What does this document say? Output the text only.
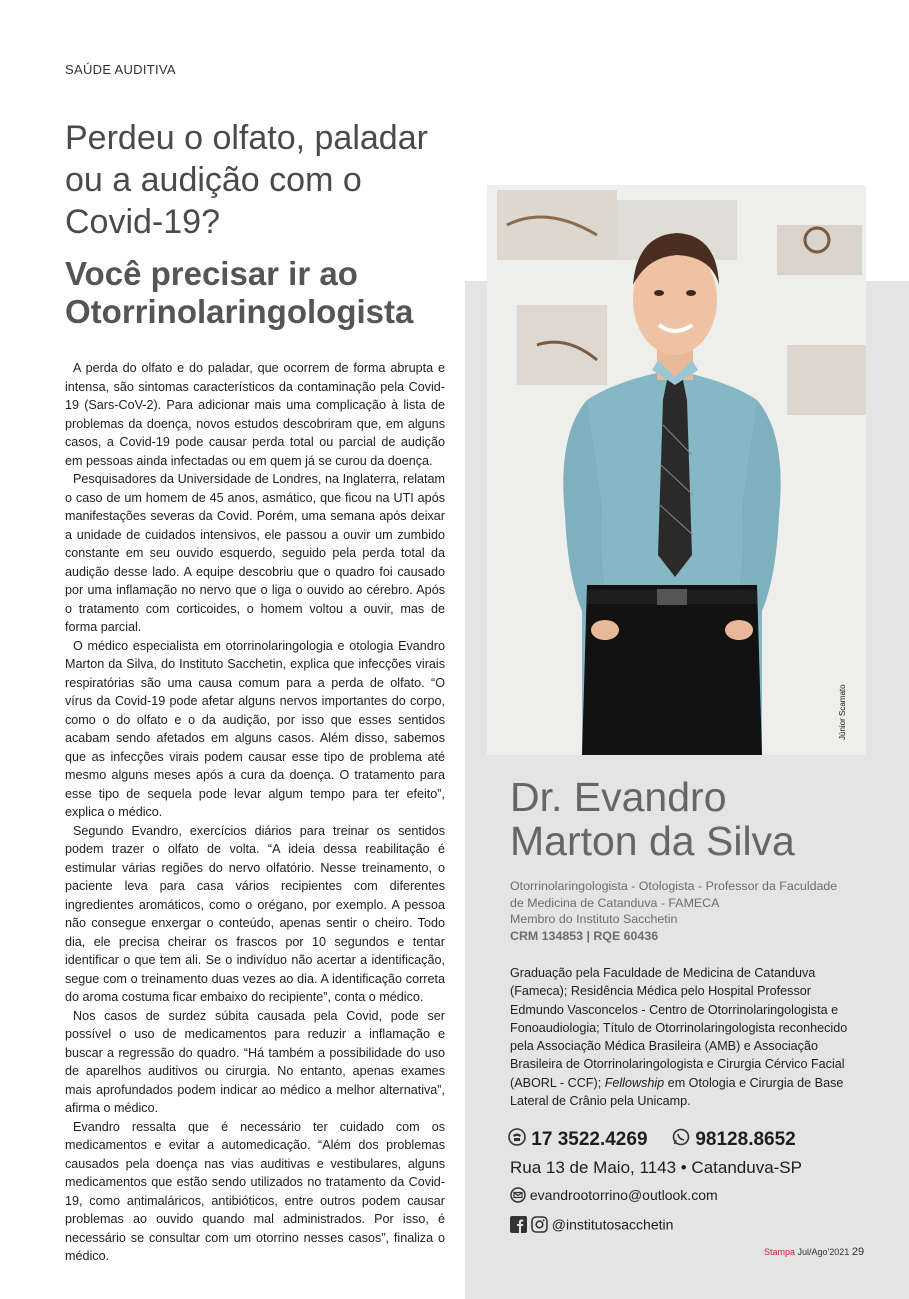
SAÚDE AUDITIVA
Perdeu o olfato, paladar ou a audição com o Covid-19?
Você precisar ir ao Otorrinolaringologista

A perda do olfato e do paladar, que ocorrem de forma abrupta e intensa, são sintomas característicos da contaminação pela Covid-19 (Sars-CoV-2). Para adicionar mais uma complicação à lista de problemas da doença, novos estudos descobriram que, em alguns casos, a Covid-19 pode causar perda total ou parcial de audição em pessoas ainda infectadas ou em quem já se curou da doença.

Pesquisadores da Universidade de Londres, na Inglaterra, relatam o caso de um homem de 45 anos, asmático, que ficou na UTI após manifestações severas da Covid. Porém, uma semana após deixar a unidade de cuidados intensivos, ele passou a ouvir um zumbido constante em seu ouvido esquerdo, seguido pela perda total da audição desse lado. A equipe descobriu que o quadro foi causado por uma inflamação no nervo que o liga o ouvido ao cérebro. Após o tratamento com corticoides, o homem voltou a ouvir, mas de forma parcial.

O médico especialista em otorrinolaringologia e otologia Evandro Marton da Silva, do Instituto Sacchetin, explica que infecções virais respiratórias são uma causa comum para a perda de olfato. “O vírus da Covid-19 pode afetar alguns nervos importantes do corpo, como o do olfato e o da audição, por isso que esses sentidos acabam sendo afetados em alguns casos. Além disso, sabemos que as infecções virais podem causar esse tipo de problema até mesmo alguns meses após a cura da doença. O tratamento para esse tipo de sequela pode levar algum tempo para ter efeito”, explica o médico.

Segundo Evandro, exercícios diários para treinar os sentidos podem trazer o olfato de volta. “A ideia dessa reabilitação é estimular várias regiões do nervo olfatório. Nesse treinamento, o paciente leva para casa vários recipientes com diferentes ingredientes aromáticos, como o orégano, por exemplo. A pessoa não consegue enxergar o conteúdo, apenas sentir o cheiro. Todo dia, ele precisa cheirar os frascos por 10 segundos e tentar identificar o que tem ali. Se o indivíduo não acertar a identificação, segue com o treinamento duas vezes ao dia. A identificação correta do aroma costuma ficar embaixo do recipiente”, conta o médico.

Nos casos de surdez súbita causada pela Covid, pode ser possível o uso de medicamentos para reduzir a inflamação e buscar a regressão do quadro. “Há também a possibilidade do uso de aparelhos auditivos ou cirurgia. No entanto, apenas exames mais aprofundados podem indicar ao médico a melhor alternativa”, afirma o médico.

Evandro ressalta que é necessário ter cuidado com os medicamentos e evitar a automedicação. “Além dos problemas causados pela doença nas vias auditivas e vestibulares, alguns medicamentos que estão sendo utilizados no tratamento da Covid-19, como antimaláricos, antibióticos, entre outros podem causar problemas ao ouvido quando mal administrados. Por isso, é necessário se consultar com um otorrino nesses casos”, finaliza o médico.

Júnior Scamato
Dr. Evandro
Marton da Silva
Otorrinolaringologista - Otologista - Professor da Faculdade de Medicina de Catanduva - FAMECA
Membro do Instituto Sacchetin
CRM 134853 | RQE 60436
Graduação pela Faculdade de Medicina de Catanduva (Fameca); Residência Médica pelo Hospital Professor Edmundo Vasconcelos - Centro de Otorrinolaringologista e Fonoaudiologia; Título de Otorrinolaringologista reconhecido pela Associação Médica Brasileira (AMB) e Associação Brasileira de Otorrinolaringologista e Cirurgia Cérvico Facial (ABORL - CCF); Fellowship em Otologia e Cirurgia de Base Lateral de Crânio pela Unicamp.
17 3522.4269	98128.8652
Rua 13 de Maio, 1143 • Catanduva-SP
evandrootorrino@outlook.com
@institutosacchetin
Stampa Jul/Ago'2021 29
